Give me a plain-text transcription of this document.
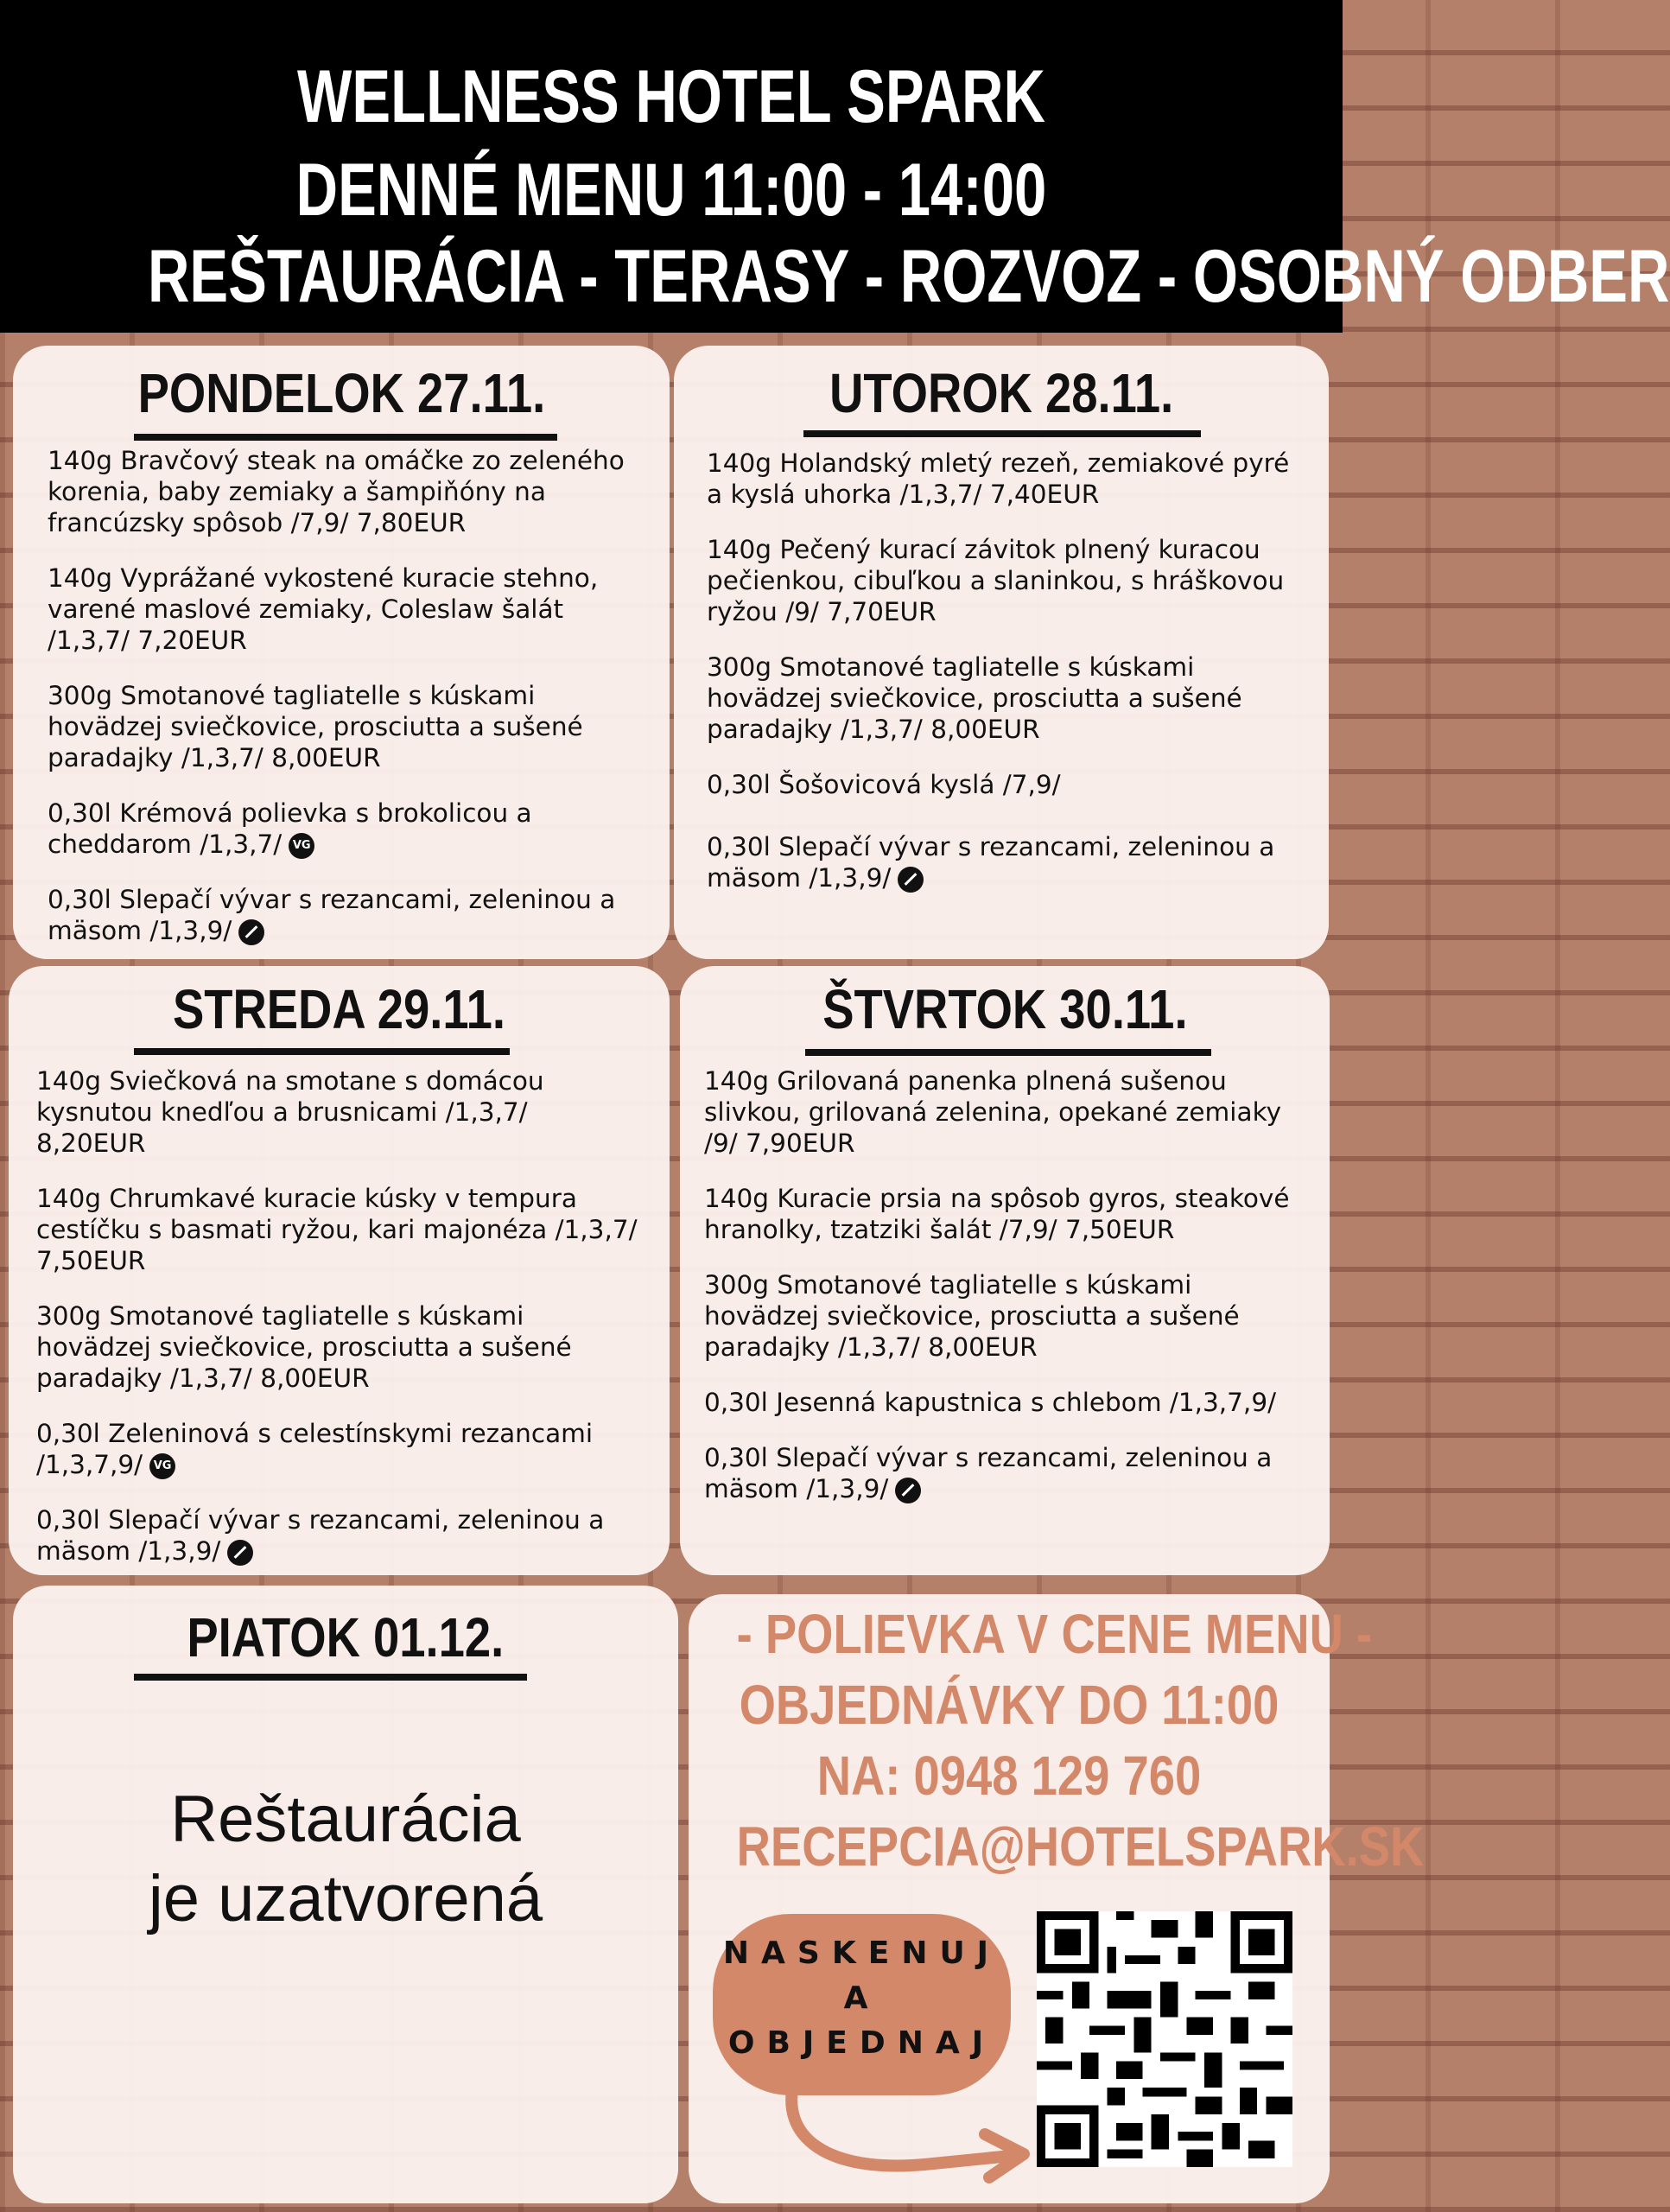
WELLNESS HOTEL SPARK
DENNÉ MENU 11:00 - 14:00
REŠTAURÁCIA - TERASY - ROZVOZ - OSOBNÝ ODBER
PONDELOK 27.11.
140g Bravčový steak na omáčke zo zeleného korenia, baby zemiaky a šampiňóny na francúzsky spôsob /7,9/ 7,80EUR
140g Vyprážané vykostené kuracie stehno, varené maslové zemiaky, Coleslaw šalát /1,3,7/ 7,20EUR
300g Smotanové tagliatelle s kúskami hovädzej sviečkovice, prosciutta a sušené paradajky /1,3,7/ 8,00EUR
0,30l Krémová polievka s brokolicou a cheddarom /1,3,7/ VG
0,30l Slepačí vývar s rezancami, zeleninou a mäsom /1,3,9/
UTOROK 28.11.
140g Holandský mletý rezeň, zemiakové pyré a kyslá uhorka /1,3,7/ 7,40EUR
140g Pečený kurací závitok plnený kuracou pečienkou, cibuľkou a slaninkou, s hráškovou ryžou /9/ 7,70EUR
300g Smotanové tagliatelle s kúskami hovädzej sviečkovice, prosciutta a sušené paradajky /1,3,7/ 8,00EUR
0,30l Šošovicová kyslá /7,9/
0,30l Slepačí vývar s rezancami, zeleninou a mäsom /1,3,9/
STREDA 29.11.
140g Sviečková na smotane s domácou kysnutou knedľou a brusnicami /1,3,7/ 8,20EUR
140g Chrumkavé kuracie kúsky v tempura cestíčku s basmati ryžou, kari majonéza /1,3,7/ 7,50EUR
300g Smotanové tagliatelle s kúskami hovädzej sviečkovice, prosciutta a sušené paradajky /1,3,7/ 8,00EUR
0,30l Zeleninová s celestínskymi rezancami /1,3,7,9/ VG
0,30l Slepačí vývar s rezancami, zeleninou a mäsom /1,3,9/
ŠTVRTOK 30.11.
140g Grilovaná panenka plnená sušenou slivkou, grilovaná zelenina, opekané zemiaky /9/ 7,90EUR
140g Kuracie prsia na spôsob gyros, steakové hranolky, tzatziki šalát /7,9/ 7,50EUR
300g Smotanové tagliatelle s kúskami hovädzej sviečkovice, prosciutta a sušené paradajky /1,3,7/ 8,00EUR
0,30l Jesenná kapustnica s chlebom /1,3,7,9/
0,30l Slepačí vývar s rezancami, zeleninou a mäsom /1,3,9/
PIATOK 01.12.
Reštaurácia
je uzatvorená
- POLIEVKA V CENE MENU -
OBJEDNÁVKY DO 11:00
NA: 0948 129 760
RECEPCIA@HOTELSPARK.SK
NASKENUJ
A
OBJEDNAJ
